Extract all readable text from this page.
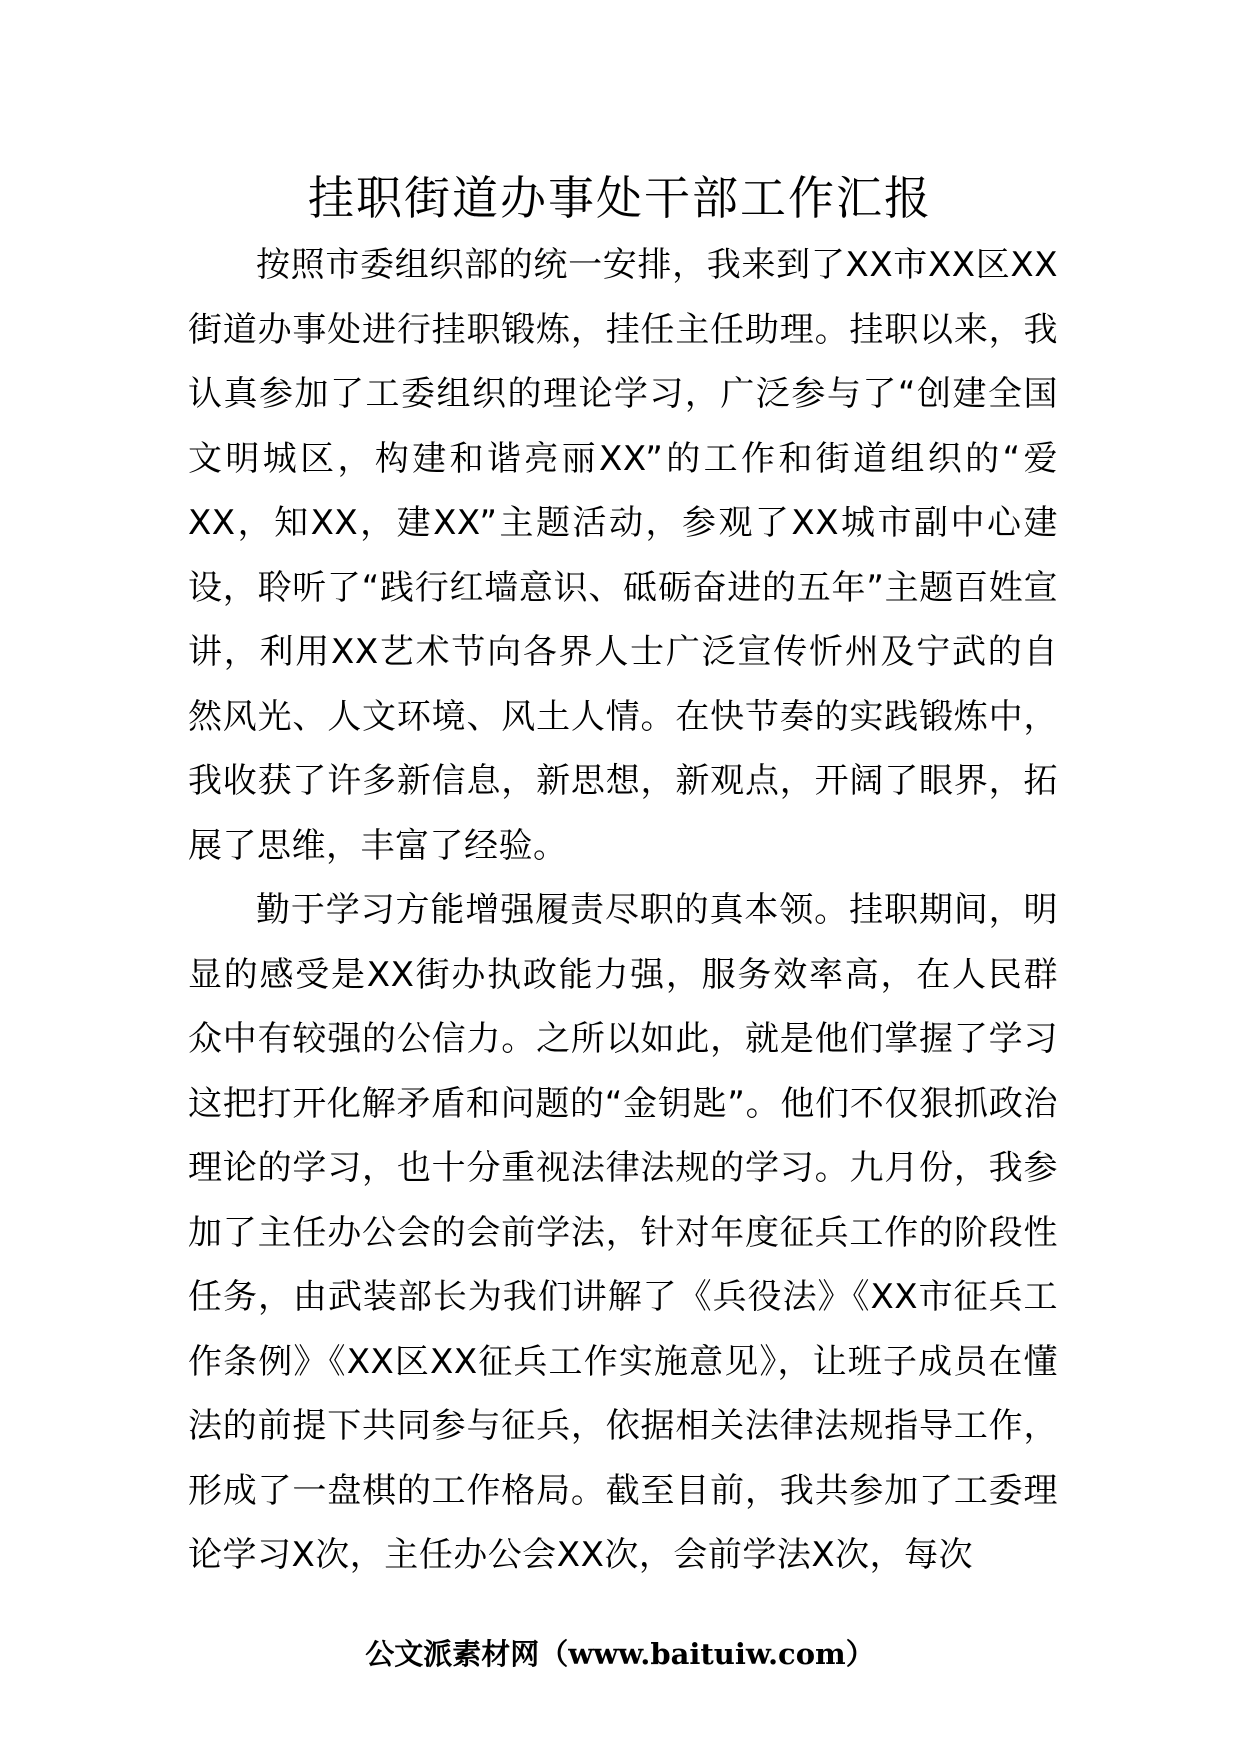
挂职街道办事处干部工作汇报

按照市委组织部的统一安排，我来到了XX市XX区XX街道办事处进行挂职锻炼，挂任主任助理。挂职以来，我认真参加了工委组织的理论学习，广泛参与了“创建全国文明城区，构建和谐亮丽XX”的工作和街道组织的“爱XX，知XX，建XX”主题活动，参观了XX城市副中心建设，聆听了“践行红墙意识、砥砺奋进的五年”主题百姓宣讲，利用XX艺术节向各界人士广泛宣传忻州及宁武的自然风光、人文环境、风土人情。在快节奏的实践锻炼中，我收获了许多新信息，新思想，新观点，开阔了眼界，拓展了思维，丰富了经验。

勤于学习方能增强履责尽职的真本领。挂职期间，明显的感受是XX街办执政能力强，服务效率高，在人民群众中有较强的公信力。之所以如此，就是他们掌握了学习这把打开化解矛盾和问题的“金钥匙”。他们不仅狠抓政治理论的学习，也十分重视法律法规的学习。九月份，我参加了主任办公会的会前学法，针对年度征兵工作的阶段性任务，由武装部长为我们讲解了《兵役法》《XX市征兵工作条例》《XX区XX征兵工作实施意见》，让班子成员在懂法的前提下共同参与征兵，依据相关法律法规指导工作，形成了一盘棋的工作格局。截至目前，我共参加了工委理论学习X次，主任办公会XX次，会前学法X次，每次

公文派素材网（www.baituiw.com）
